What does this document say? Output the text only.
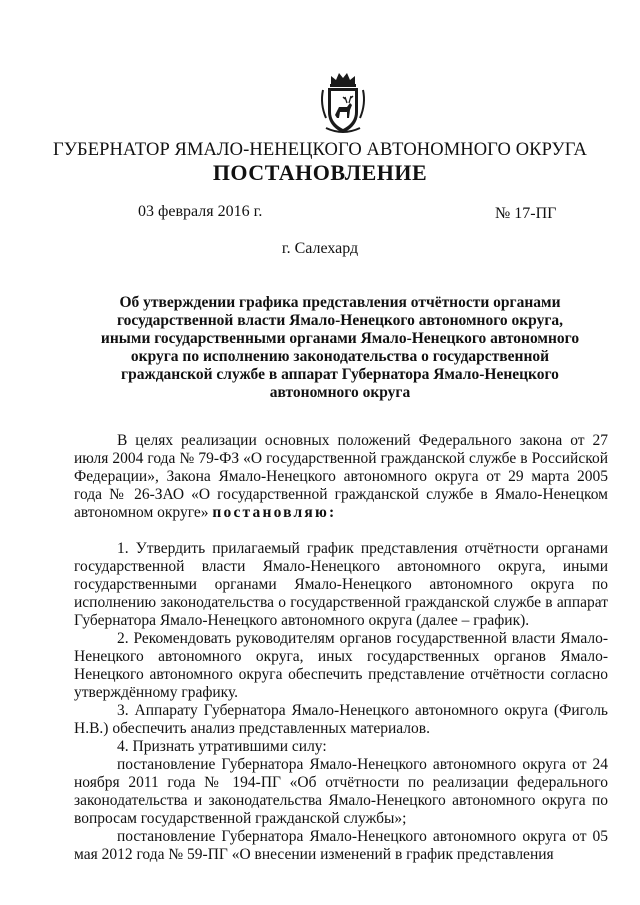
ГУБЕРНАТОР ЯМАЛО-НЕНЕЦКОГО АВТОНОМНОГО ОКРУГА
ПОСТАНОВЛЕНИЕ
03 февраля 2016 г.	№ 17-ПГ
г. Салехард
Об утверждении графика представления отчётности органами
государственной власти Ямало-Ненецкого автономного округа,
иными государственными органами Ямало-Ненецкого автономного
округа по исполнению законодательства о государственной
гражданской службе в аппарат Губернатора Ямало-Ненецкого
автономного округа

В целях реализации основных положений Федерального закона от 27 июля 2004 года № 79-ФЗ «О государственной гражданской службе в Российской Федерации», Закона Ямало-Ненецкого автономного округа от 29 марта 2005 года № 26-ЗАО «О государственной гражданской службе в Ямало-Ненецком автономном округе» постановляю:

1. Утвердить прилагаемый график представления отчётности органами государственной власти Ямало-Ненецкого автономного округа, иными государственными органами Ямало-Ненецкого автономного округа по исполнению законодательства о государственной гражданской службе в аппарат Губернатора Ямало-Ненецкого автономного округа (далее – график).

2. Рекомендовать руководителям органов государственной власти Ямало-Ненецкого автономного округа, иных государственных органов Ямало-Ненецкого автономного округа обеспечить представление отчётности согласно утверждённому графику.

3. Аппарату Губернатора Ямало-Ненецкого автономного округа (Фиголь Н.В.) обеспечить анализ представленных материалов.

4. Признать утратившими силу:

постановление Губернатора Ямало-Ненецкого автономного округа от 24 ноября 2011 года № 194-ПГ «Об отчётности по реализации федерального законодательства и законодательства Ямало-Ненецкого автономного округа по вопросам государственной гражданской службы»;

постановление Губернатора Ямало-Ненецкого автономного округа от 05 мая 2012 года № 59-ПГ «О внесении изменений в график представления
